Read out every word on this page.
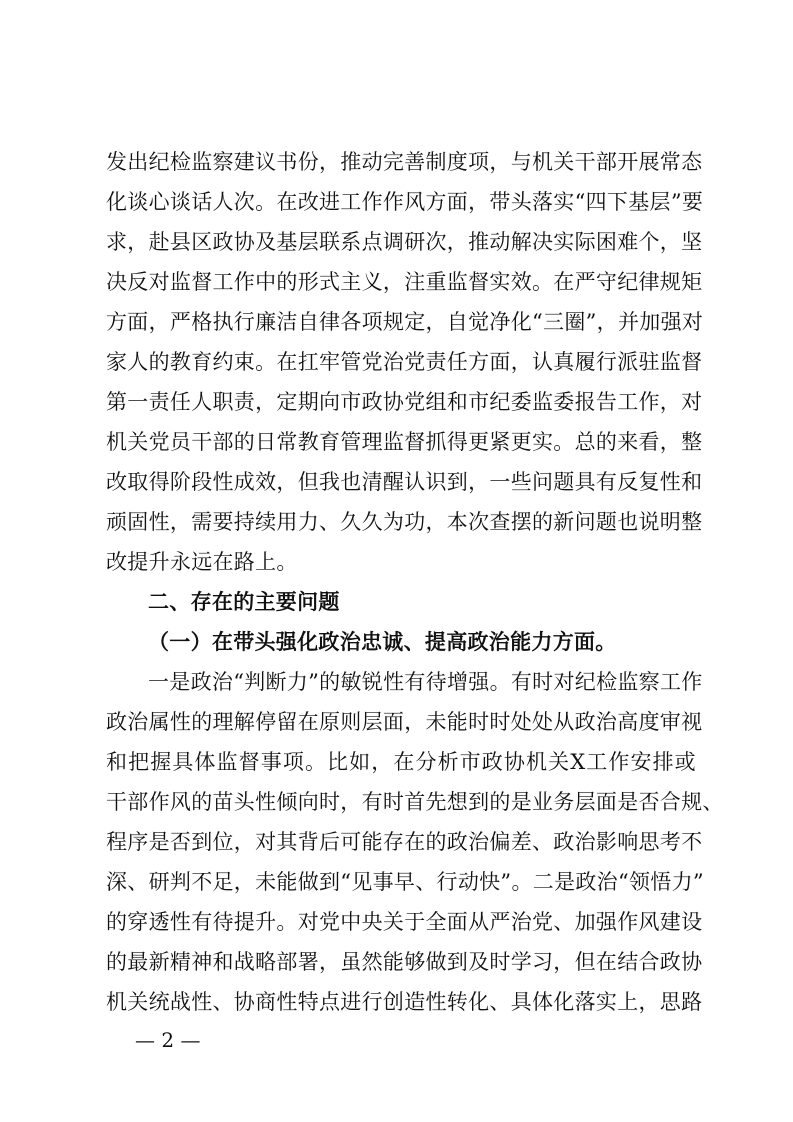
发出纪检监察建议书份，推动完善制度项，与机关干部开展常态
化谈心谈话人次。在改进工作作风方面，带头落实“四下基层”要
求，赴县区政协及基层联系点调研次，推动解决实际困难个，坚
决反对监督工作中的形式主义，注重监督实效。在严守纪律规矩
方面，严格执行廉洁自律各项规定，自觉净化“三圈”，并加强对
家人的教育约束。在扛牢管党治党责任方面，认真履行派驻监督
第一责任人职责，定期向市政协党组和市纪委监委报告工作，对
机关党员干部的日常教育管理监督抓得更紧更实。总的来看，整
改取得阶段性成效，但我也清醒认识到，一些问题具有反复性和
顽固性，需要持续用力、久久为功，本次查摆的新问题也说明整
改提升永远在路上。
二、存在的主要问题
（一）在带头强化政治忠诚、提高政治能力方面。
一是政治“判断力”的敏锐性有待增强。有时对纪检监察工作
政治属性的理解停留在原则层面，未能时时处处从政治高度审视
和把握具体监督事项。比如，在分析市政协机关X工作安排或
干部作风的苗头性倾向时，有时首先想到的是业务层面是否合规、
程序是否到位，对其背后可能存在的政治偏差、政治影响思考不
深、研判不足，未能做到“见事早、行动快”。二是政治“领悟力”
的穿透性有待提升。对党中央关于全面从严治党、加强作风建设
的最新精神和战略部署，虽然能够做到及时学习，但在结合政协
机关统战性、协商性特点进行创造性转化、具体化落实上，思路
— 2 —
